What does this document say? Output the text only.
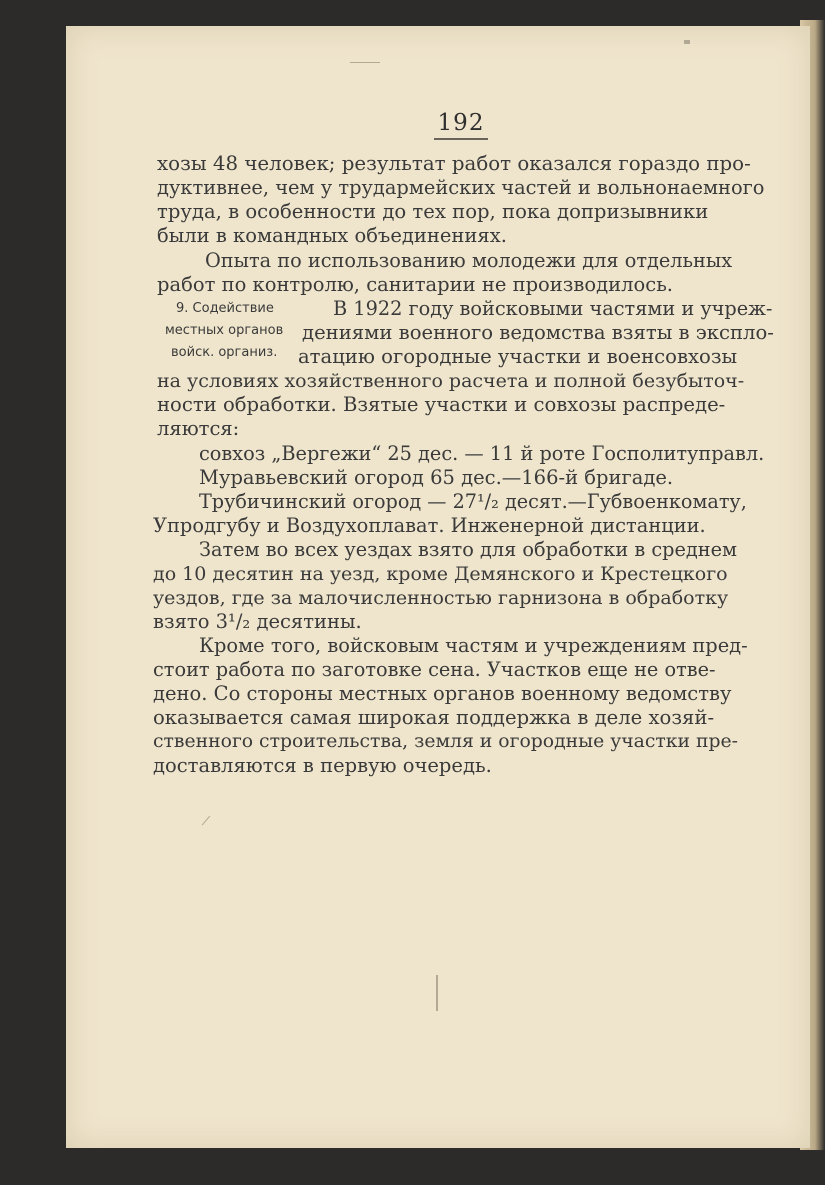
192
9. Содействие
местных органов
войск. организ.
хозы 48 человек; результат работ оказался гораздо про-
дуктивнее, чем у трудармейских частей и вольнонаемного
труда, в особенности до тех пор, пока допризывники
были в командных объединениях.
Опыта по использованию молодежи для отдельных
работ по контролю, санитарии не производилось.
В 1922 году войсковыми частями и учреж-
дениями военного ведомства взяты в экспло-
атацию огородные участки и военсовхозы
на условиях хозяйственного расчета и полной безубыточ-
ности обработки. Взятые участки и совхозы распреде-
ляются:
совхоз „Вергежи“ 25 дес. — 11 й роте Госполитуправл.
Муравьевский огород 65 дес.—166-й бригаде.
Трубичинский огород — 27¹/₂ десят.—Губвоенкомату,
Упродгубу и Воздухоплават. Инженерной дистанции.
Затем во всех уездах взято для обработки в среднем
до 10 десятин на уезд, кроме Демянского и Крестецкого
уездов, где за малочисленностью гарнизона в обработку
взято 3¹/₂ десятины.
Кроме того, войсковым частям и учреждениям пред-
стоит работа по заготовке сена. Участков еще не отве-
дено. Со стороны местных органов военному ведомству
оказывается самая широкая поддержка в деле хозяй-
ственного строительства, земля и огородные участки пре-
доставляются в первую очередь.
